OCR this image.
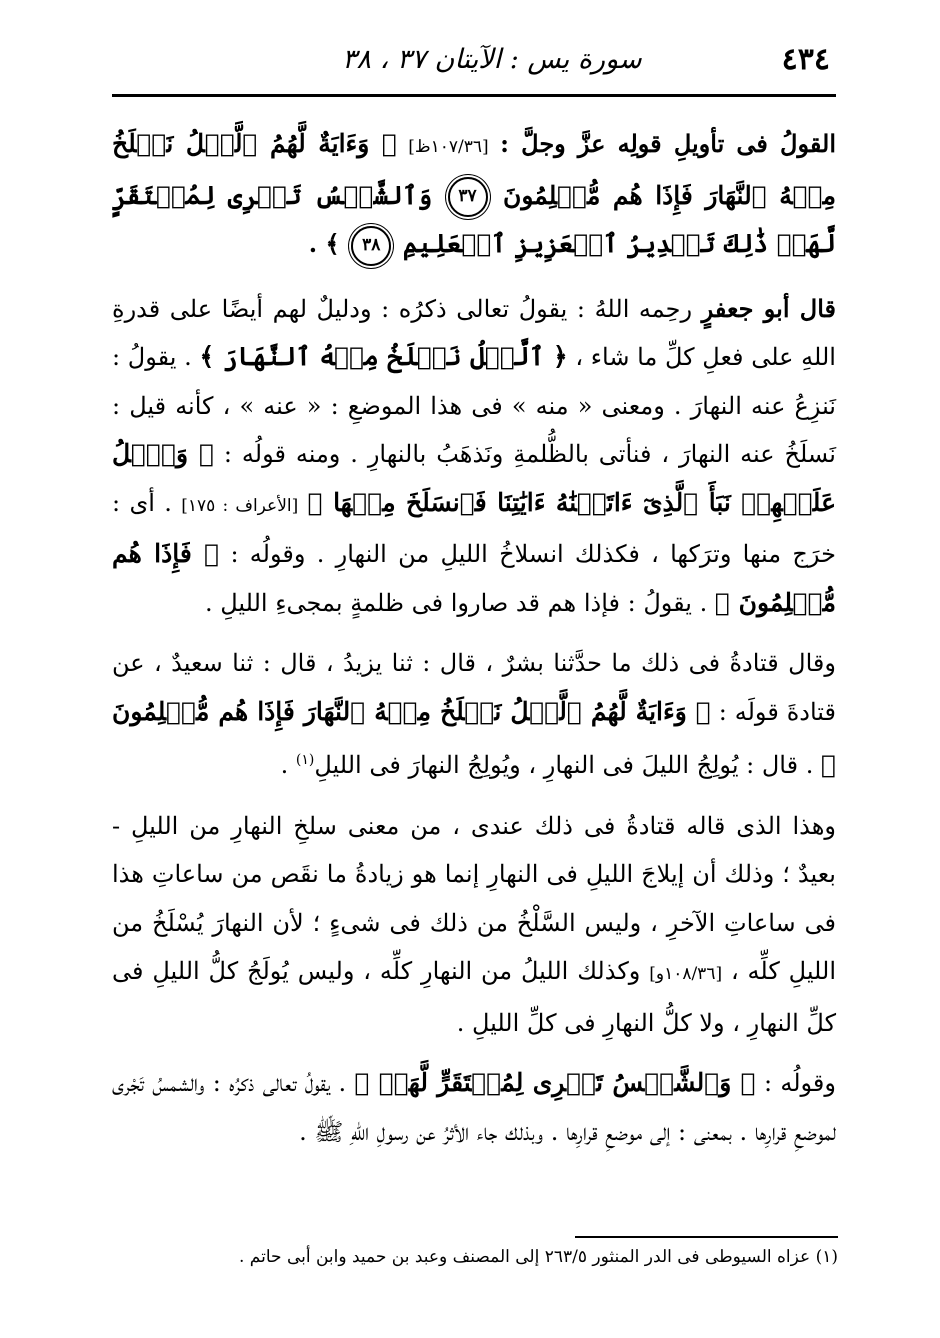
٤٣٤
سورة يس : الآيتان ٣٧ ، ٣٨

القولُ فى تأويلِ قولِه عزَّ وجلَّ : [١٠٧/٣٦ظ] ﴿ وَءَايَةٌ لَّهُمُ ٱلَّيۡلُ نَسۡلَخُ مِنۡهُ ٱلنَّهَارَ فَإِذَا هُم مُّظۡلِمُونَ ٣٧ وَٱلشَّمۡسُ تَجۡرِى لِمُسۡتَقَرٍّ لَّهَاۚ ذَٰلِكَ تَقۡدِيرُ ٱلۡعَزِيزِ ٱلۡعَلِيمِ ٣٨ ﴾ .

قال أبو جعفرٍ رحِمه اللهُ : يقولُ تعالى ذكرُه : ودليلٌ لهم أيضًا على قدرةِ اللهِ على فعلِ كلِّ ما شاء ، ﴿ ٱلَّيۡلُ نَسۡلَخُ مِنۡهُ ٱلنَّهَارَ ﴾ . يقولُ : نَنزِعُ عنه النهارَ . ومعنى « منه » فى هذا الموضعِ : « عنه » ، كأنه قيل : نَسلَخُ عنه النهارَ ، فنأتى بالظُّلمةِ ونَذهَبُ بالنهارِ . ومنه قولُه : ﴿ وَٱتۡلُ عَلَيۡهِمۡ نَبَأَ ٱلَّذِىٓ ءَاتَيۡنَٰهُ ءَايَٰتِنَا فَٱنسَلَخَ مِنۡهَا ﴾ [الأعراف : ١٧٥] . أى : خرَج منها وترَكها ، فكذلك انسلاخُ الليلِ من النهارِ . وقولُه : ﴿ فَإِذَا هُم مُّظۡلِمُونَ ﴾ . يقولُ : فإذا هم قد صاروا فى ظلمةٍ بمجىءِ الليلِ .

وقال قتادةُ فى ذلك ما حدَّثنا بشرٌ ، قال : ثنا يزيدُ ، قال : ثنا سعيدٌ ، عن قتادةَ قولَه : ﴿ وَءَايَةٌ لَّهُمُ ٱلَّيۡلُ نَسۡلَخُ مِنۡهُ ٱلنَّهَارَ فَإِذَا هُم مُّظۡلِمُونَ ﴾ . قال : يُولِجُ الليلَ فى النهارِ ، ويُولِجُ النهارَ فى الليلِ$^{(١)}$ .

وهذا الذى قاله قتادةُ فى ذلك عندى ، من معنى سلخِ النهارِ من الليلِ - بعيدٌ ؛ وذلك أن إيلاجَ الليلِ فى النهارِ إنما هو زيادةُ ما نقَص من ساعاتِ هذا فى ساعاتِ الآخرِ ، وليس السَّلْخُ من ذلك فى شىءٍ ؛ لأن النهارَ يُسْلَخُ من الليلِ كلِّه ، [١٠٨/٣٦و] وكذلك الليلُ من النهارِ كلِّه ، وليس يُولَجُ كلُّ الليلِ فى كلِّ النهارِ ، ولا كلُّ النهارِ فى كلِّ الليلِ .

وقولُه : ﴿ وَٱلشَّمۡسُ تَجۡرِى لِمُسۡتَقَرٍّ لَّهَاۚ ﴾ . يقولُ تعالى ذكرُه : والشمسُ تَجْرى لموضعِ قرارِها . بمعنى : إلى موضعِ قرارِها . وبذلك جاء الأثرُ عن رسولِ اللهِ ﷺ .

(١) عزاه السيوطى فى الدر المنثور ٢٦٣/٥ إلى المصنف وعبد بن حميد وابن أبى حاتم .
